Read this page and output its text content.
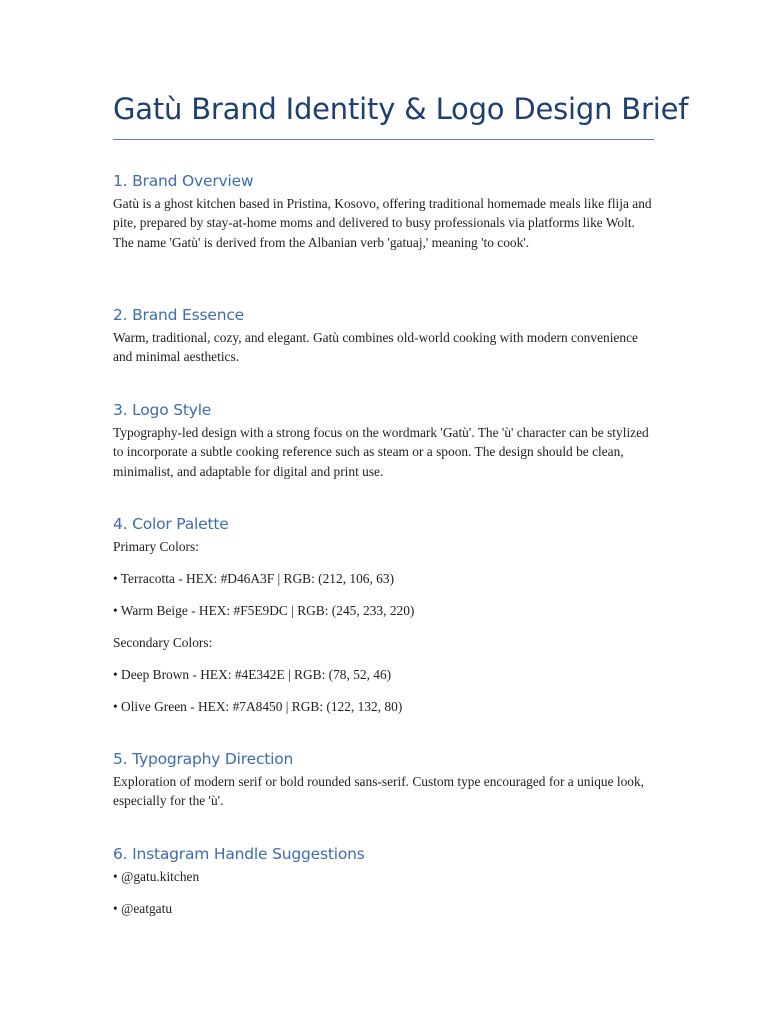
Gatù Brand Identity & Logo Design Brief
1. Brand Overview

Gatù is a ghost kitchen based in Pristina, Kosovo, offering traditional homemade meals like flija and pite, prepared by stay-at-home moms and delivered to busy professionals via platforms like Wolt. The name 'Gatù' is derived from the Albanian verb 'gatuaj,' meaning 'to cook'.

2. Brand Essence

Warm, traditional, cozy, and elegant. Gatù combines old-world cooking with modern convenience and minimal aesthetics.

3. Logo Style

Typography-led design with a strong focus on the wordmark 'Gatù'. The 'ù' character can be stylized to incorporate a subtle cooking reference such as steam or a spoon. The design should be clean, minimalist, and adaptable for digital and print use.

4. Color Palette

Primary Colors:

• Terracotta - HEX: #D46A3F | RGB: (212, 106, 63)

• Warm Beige - HEX: #F5E9DC | RGB: (245, 233, 220)

Secondary Colors:

• Deep Brown - HEX: #4E342E | RGB: (78, 52, 46)

• Olive Green - HEX: #7A8450 | RGB: (122, 132, 80)

5. Typography Direction

Exploration of modern serif or bold rounded sans-serif. Custom type encouraged for a unique look, especially for the 'ù'.

6. Instagram Handle Suggestions

• @gatu.kitchen

• @eatgatu
